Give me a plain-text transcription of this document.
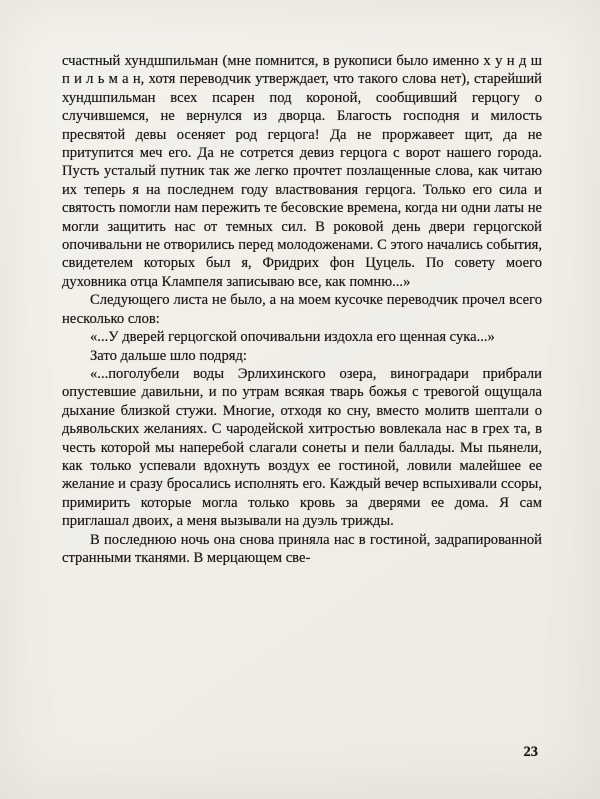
счастный хундшпильман (мне помнится, в рукописи было именно х у н д ш п и л ь м а н, хотя переводчик утверждает, что такого слова нет), старейший хундшпильман всех псарен под короной, сообщивший герцогу о случившемся, не вернулся из дворца. Благость господня и милость пресвятой девы осеняет род герцога! Да не проржавеет щит, да не притупится меч его. Да не сотрется девиз герцога с ворот нашего города. Пусть усталый путник так же легко прочтет позлащенные слова, как читаю их теперь я на последнем году властвования герцога. Только его сила и святость помогли нам пережить те бесовские времена, когда ни одни латы не могли защитить нас от темных сил. В роковой день двери герцогской опочивальни не отворились перед молодоженами. С этого начались события, свидетелем которых был я, Фридрих фон Цуцель. По совету моего духовника отца Клампеля записываю все, как помню...»

Следующего листа не было, а на моем кусочке переводчик прочел всего несколько слов:

«...У дверей герцогской опочивальни издохла его щенная сука...»

Зато дальше шло подряд:

«...поголубели воды Эрлихинского озера, виноградари прибрали опустевшие давильни, и по утрам всякая тварь божья с тревогой ощущала дыхание близкой стужи. Многие, отходя ко сну, вместо молитв шептали о дьявольских желаниях. С чародейской хитростью вовлекала нас в грех та, в честь которой мы наперебой слагали сонеты и пели баллады. Мы пьянели, как только успевали вдохнуть воздух ее гостиной, ловили малейшее ее желание и сразу бросались исполнять его. Каждый вечер вспыхивали ссоры, примирить которые могла только кровь за дверями ее дома. Я сам приглашал двоих, а меня вызывали на дуэль трижды.

В последнюю ночь она снова приняла нас в гостиной, задрапированной странными тканями. В мерцающем све-

23
